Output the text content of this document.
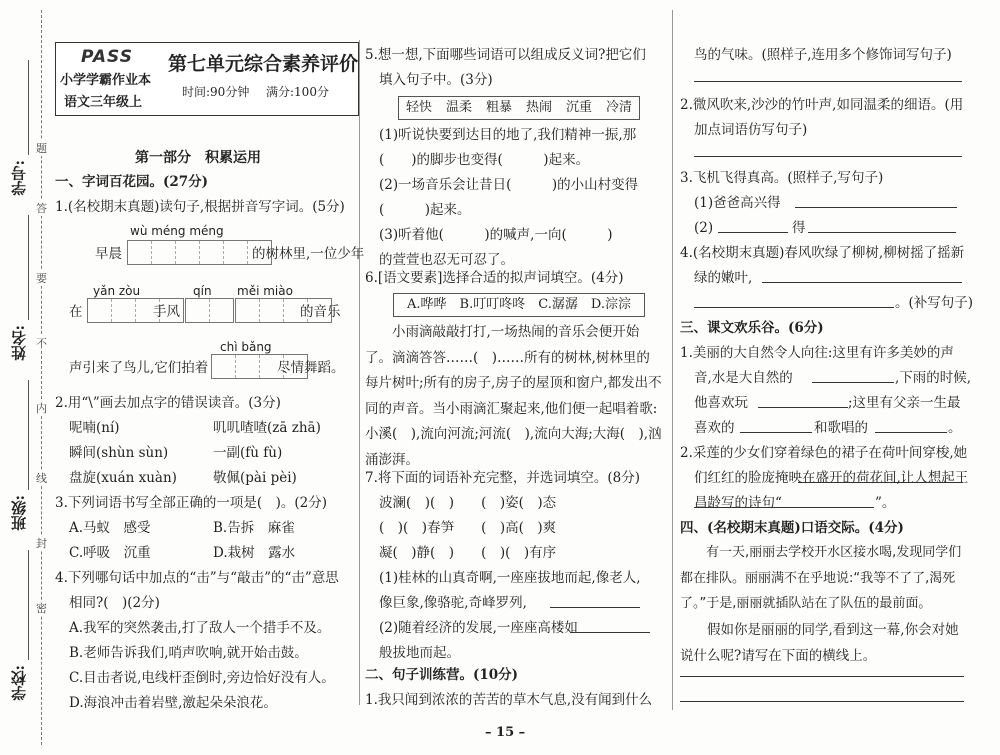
学号:
姓名:
班级:
学校:
题
答
要
不
内
线
封
密
PASS
小学学霸作业本
语文三年级上
第七单元综合素养评价
时间:90分钟 满分:100分
第一部分　积累运用
一、字词百花园。(27分)
1.(名校期末真题)读句子,根据拼音写字词。(5分)
wù méng méng
早晨	的树林里,一位少年
yǎn zòu	qín měi miào
在	手风	的音乐
chì bǎng
声引来了鸟儿,它们拍着	尽情舞蹈。
2.用“\”画去加点字的错误读音。(3分)
呢喃(ní)	叽叽喳喳(zā zhā)
瞬间(shùn sùn)	一副(fù fù)
盘旋(xuán xuàn)	敬佩(pài pèi)
3.下列词语书写全部正确的一项是(　)。(2分)
A.马蚁　感受	B.告拆　麻雀
C.呼吸　沉重	D.栽树　露水
4.下列哪句话中加点的“击”与“敲击”的“击”意思
相同?(　)(2分)
A.我军的突然袭击,打了敌人一个措手不及。
B.老师告诉我们,哨声吹响,就开始击鼓。
C.目击者说,电线杆歪倒时,旁边恰好没有人。
D.海浪冲击着岩壁,激起朵朵浪花。
5.想一想,下面哪些词语可以组成反义词?把它们
填入句子中。(3分)
轻快 温柔 粗暴 热闹 沉重 冷清
(1)听说快要到达目的地了,我们精神一振,那
(　　)的脚步也变得(　　　)起来。
(2)一场音乐会让昔日(　　　)的小山村变得
(　　　)起来。
(3)听着他(　　　)的喊声,一向(　　　)
的萱萱也忍无可忍了。
6.[语文要素]选择合适的拟声词填空。(4分)
A.哗哗　B.叮叮咚咚　C.潺潺　D.淙淙
小雨滴敲敲打打,一场热闹的音乐会便开始了。滴滴答答……(　)……所有的树林,树林里的每片树叶;所有的房子,房子的屋顶和窗户,都发出不同的声音。当小雨滴汇聚起来,他们便一起唱着歌:小溪(　),流向河流;河流(　),流向大海;大海(　),汹涌澎湃。
7.将下面的词语补充完整，并选词填空。(8分)
波澜(　)(　)　　(　)姿(　)态
(　)(　)春笋　　(　)高(　)爽
凝(　)静(　)　　(　)(　)有序
(1)桂林的山真奇啊,一座座拔地而起,像老人,
像巨象,像骆驼,奇峰罗列,
(2)随着经济的发展,一座座高楼如
般拔地而起。
二、句子训练营。(10分)
1.我只闻到浓浓的苦苦的草木气息,没有闻到什么
鸟的气味。(照样子,连用多个修饰词写句子)
2.微风吹来,沙沙的竹叶声,如同温柔的细语。(用
加点词语仿写句子)
3.飞机飞得真高。(照样子,写句子)
(1)爸爸高兴得
(2)	得
4.(名校期末真题)春风吹绿了柳树,柳树摇了摇新
绿的嫩叶,
。(补写句子)
三、课文欢乐谷。(6分)
1.美丽的大自然令人向往:这里有许多美妙的声
音,水是大自然的	,下雨的时候,
他喜欢玩	;这里有父亲一生最
喜欢的	和歌唱的	。
2.采莲的少女们穿着绿色的裙子在荷叶间穿梭,她
们红红的脸庞掩映在盛开的荷花间,让人想起王
昌龄写的诗句“	”。
四、(名校期末真题)口语交际。(4分)
有一天,丽丽去学校开水区接水喝,发现同学们都在排队。丽丽满不在乎地说:“我等不了了,渴死了。”于是,丽丽就插队站在了队伍的最前面。
假如你是丽丽的同学,看到这一幕,你会对她说什么呢?请写在下面的横线上。
– 15 –
